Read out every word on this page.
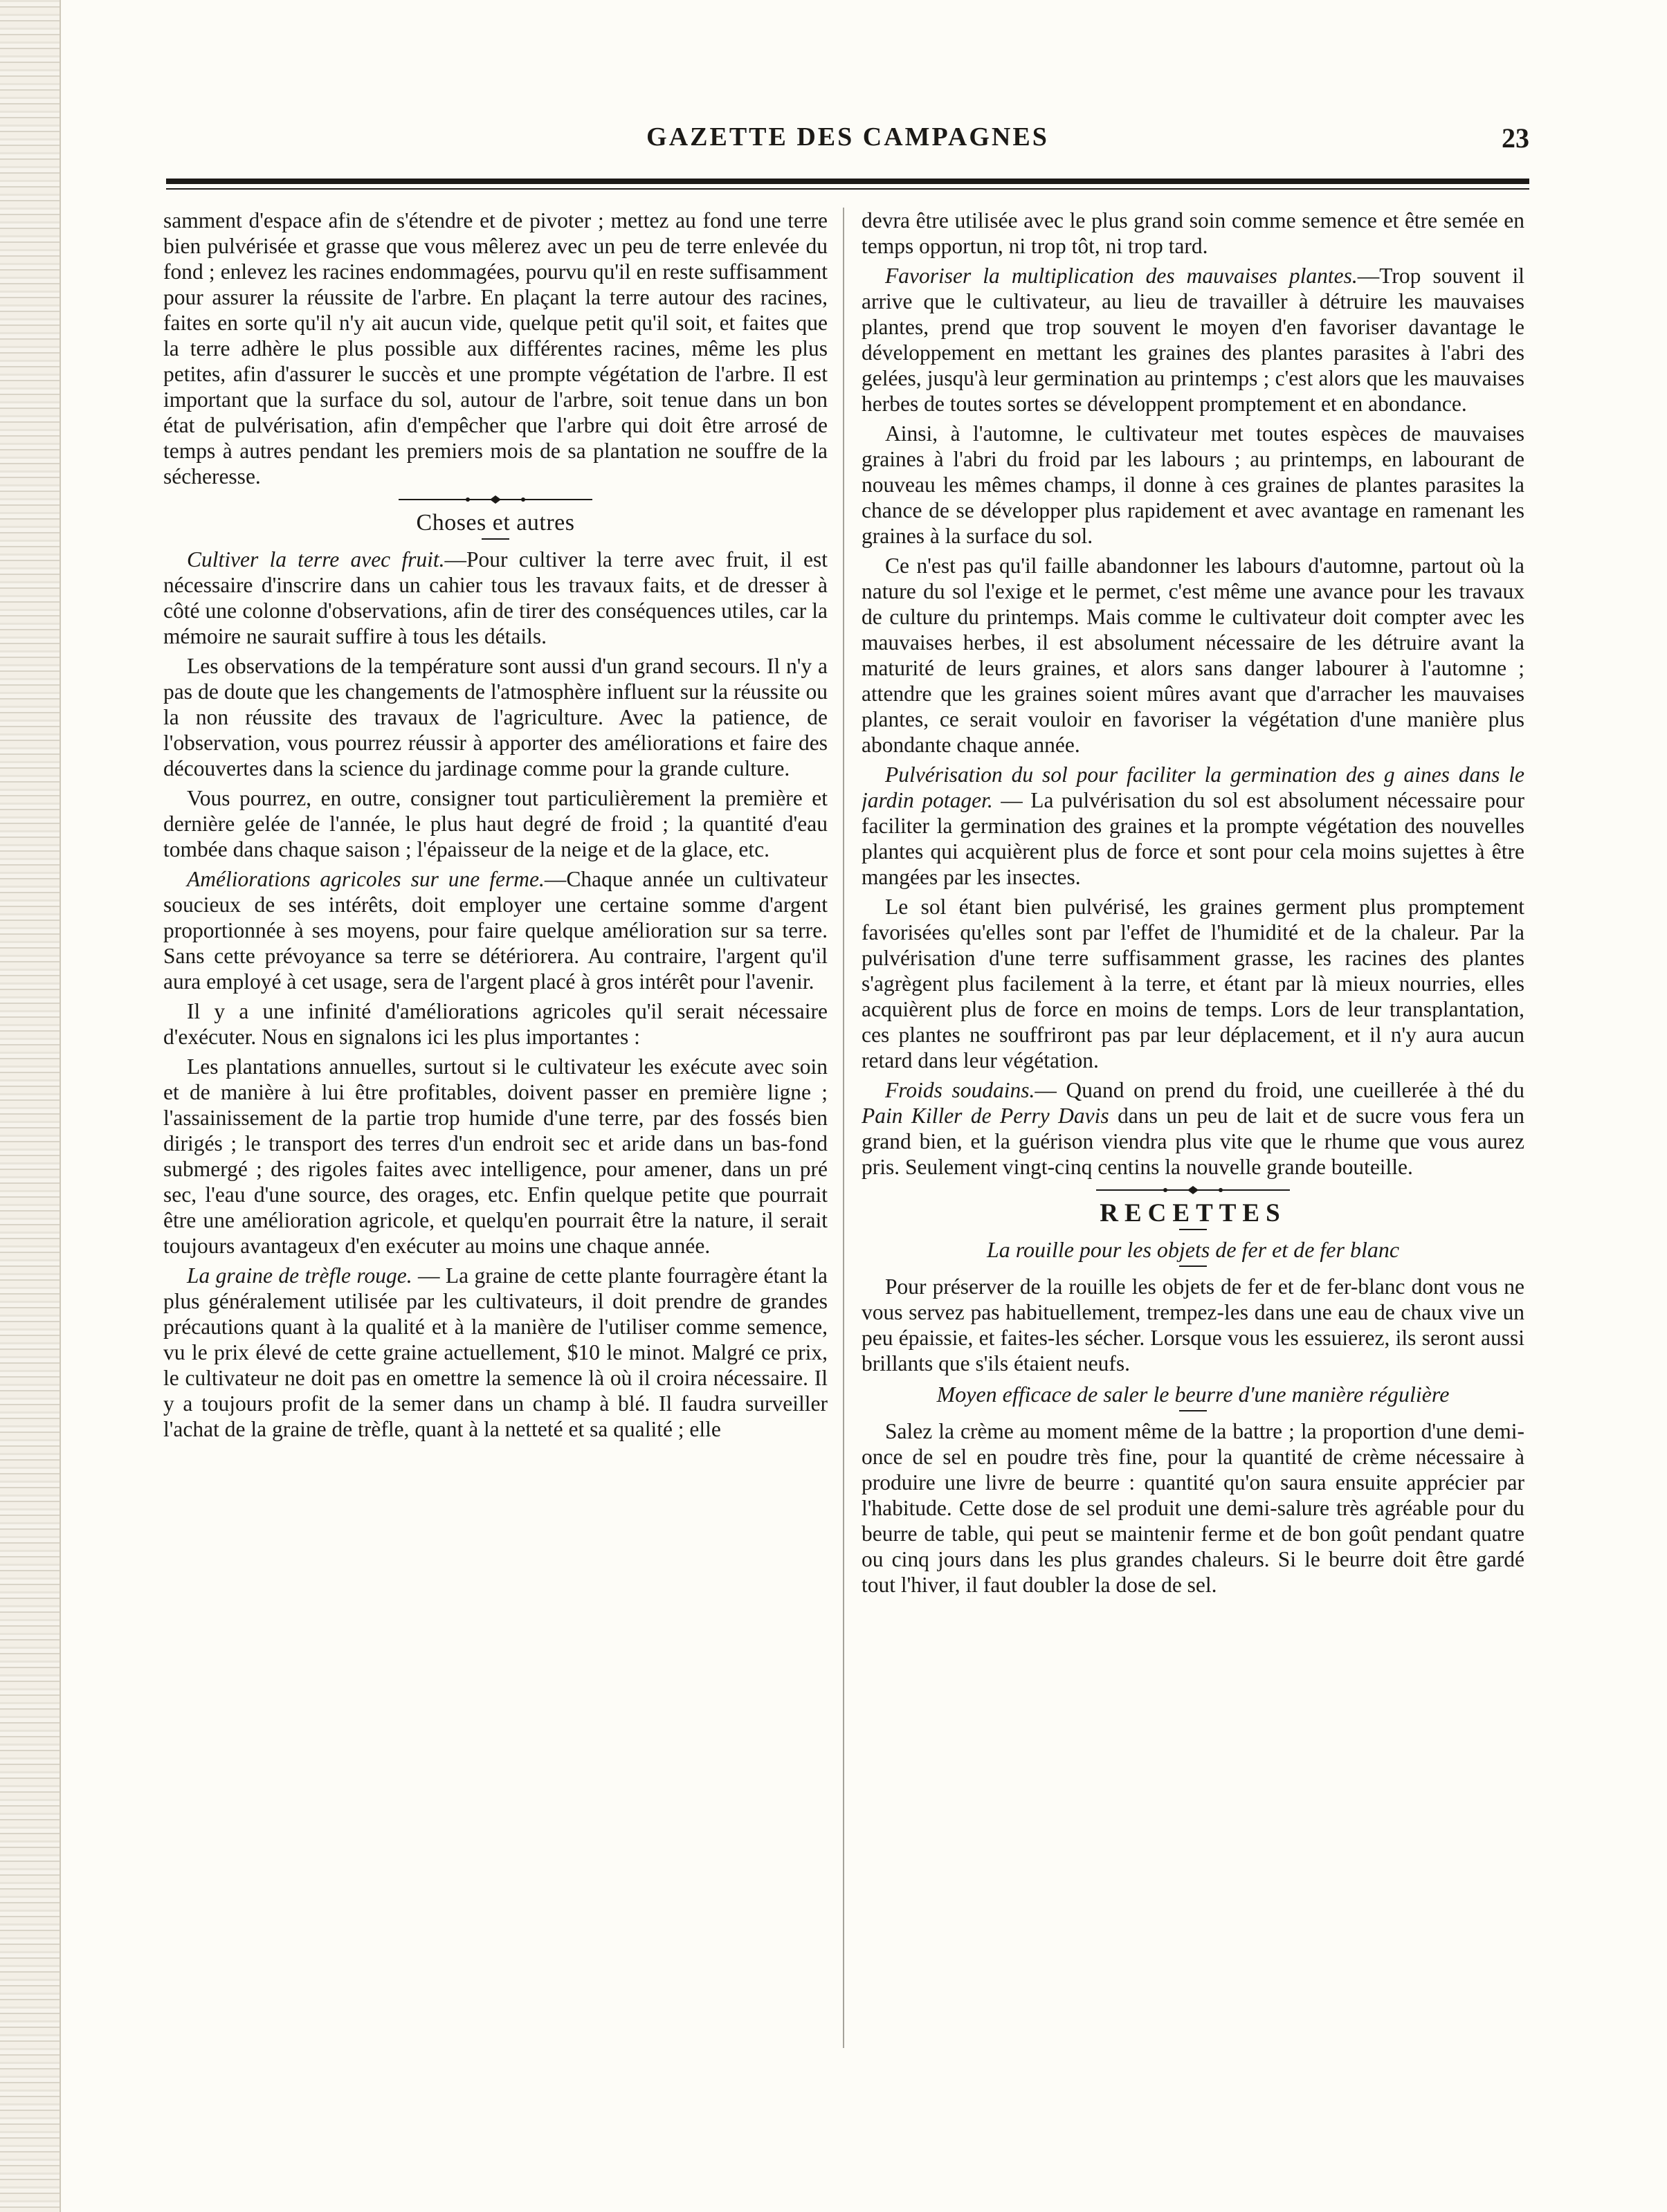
GAZETTE DES CAMPAGNES	23

samment d'espace afin de s'étendre et de pivoter ; mettez au fond une terre bien pulvérisée et grasse que vous mêlerez avec un peu de terre enlevée du fond ; enlevez les racines endommagées, pourvu qu'il en reste suffisamment pour assurer la réussite de l'arbre. En plaçant la terre autour des racines, faites en sorte qu'il n'y ait aucun vide, quelque petit qu'il soit, et faites que la terre adhère le plus possible aux différentes racines, même les plus petites, afin d'assurer le succès et une prompte végétation de l'arbre. Il est important que la surface du sol, autour de l'arbre, soit tenue dans un bon état de pulvérisation, afin d'empêcher que l'arbre qui doit être arrosé de temps à autres pendant les premiers mois de sa plantation ne souffre de la sécheresse.

Choses et autres

Cultiver la terre avec fruit.—Pour cultiver la terre avec fruit, il est nécessaire d'inscrire dans un cahier tous les travaux faits, et de dresser à côté une colonne d'observations, afin de tirer des conséquences utiles, car la mémoire ne saurait suffire à tous les détails.

Les observations de la température sont aussi d'un grand secours. Il n'y a pas de doute que les changements de l'atmosphère influent sur la réussite ou la non réussite des travaux de l'agriculture. Avec la patience, de l'observation, vous pourrez réussir à apporter des améliorations et faire des découvertes dans la science du jardinage comme pour la grande culture.

Vous pourrez, en outre, consigner tout particulièrement la première et dernière gelée de l'année, le plus haut degré de froid ; la quantité d'eau tombée dans chaque saison ; l'épaisseur de la neige et de la glace, etc.

Améliorations agricoles sur une ferme.—Chaque année un cultivateur soucieux de ses intérêts, doit employer une certaine somme d'argent proportionnée à ses moyens, pour faire quelque amélioration sur sa terre. Sans cette prévoyance sa terre se détériorera. Au contraire, l'argent qu'il aura employé à cet usage, sera de l'argent placé à gros intérêt pour l'avenir.

Il y a une infinité d'améliorations agricoles qu'il serait nécessaire d'exécuter. Nous en signalons ici les plus importantes :

Les plantations annuelles, surtout si le cultivateur les exécute avec soin et de manière à lui être profitables, doivent passer en première ligne ; l'assainissement de la partie trop humide d'une terre, par des fossés bien dirigés ; le transport des terres d'un endroit sec et aride dans un bas-fond submergé ; des rigoles faites avec intelligence, pour amener, dans un pré sec, l'eau d'une source, des orages, etc. Enfin quelque petite que pourrait être une amélioration agricole, et quelqu'en pourrait être la nature, il serait toujours avantageux d'en exécuter au moins une chaque année.

La graine de trèfle rouge. — La graine de cette plante fourragère étant la plus généralement utilisée par les cultivateurs, il doit prendre de grandes précautions quant à la qualité et à la manière de l'utiliser comme semence, vu le prix élevé de cette graine actuellement, $10 le minot. Malgré ce prix, le cultivateur ne doit pas en omettre la semence là où il croira nécessaire. Il y a toujours profit de la semer dans un champ à blé. Il faudra surveiller l'achat de la graine de trèfle, quant à la netteté et sa qualité ; elle

devra être utilisée avec le plus grand soin comme semence et être semée en temps opportun, ni trop tôt, ni trop tard.

Favoriser la multiplication des mauvaises plantes.—Trop souvent il arrive que le cultivateur, au lieu de travailler à détruire les mauvaises plantes, prend que trop souvent le moyen d'en favoriser davantage le développement en mettant les graines des plantes parasites à l'abri des gelées, jusqu'à leur germination au printemps ; c'est alors que les mauvaises herbes de toutes sortes se développent promptement et en abondance.

Ainsi, à l'automne, le cultivateur met toutes espèces de mauvaises graines à l'abri du froid par les labours ; au printemps, en labourant de nouveau les mêmes champs, il donne à ces graines de plantes parasites la chance de se développer plus rapidement et avec avantage en ramenant les graines à la surface du sol.

Ce n'est pas qu'il faille abandonner les labours d'automne, partout où la nature du sol l'exige et le permet, c'est même une avance pour les travaux de culture du printemps. Mais comme le cultivateur doit compter avec les mauvaises herbes, il est absolument nécessaire de les détruire avant la maturité de leurs graines, et alors sans danger labourer à l'automne ; attendre que les graines soient mûres avant que d'arracher les mauvaises plantes, ce serait vouloir en favoriser la végétation d'une manière plus abondante chaque année.

Pulvérisation du sol pour faciliter la germination des g aines dans le jardin potager. — La pulvérisation du sol est absolument nécessaire pour faciliter la germination des graines et la prompte végétation des nouvelles plantes qui acquièrent plus de force et sont pour cela moins sujettes à être mangées par les insectes.

Le sol étant bien pulvérisé, les graines germent plus promptement favorisées qu'elles sont par l'effet de l'humidité et de la chaleur. Par la pulvérisation d'une terre suffisamment grasse, les racines des plantes s'agrègent plus facilement à la terre, et étant par là mieux nourries, elles acquièrent plus de force en moins de temps. Lors de leur transplantation, ces plantes ne souffriront pas par leur déplacement, et il n'y aura aucun retard dans leur végétation.

Froids soudains.— Quand on prend du froid, une cueillerée à thé du Pain Killer de Perry Davis dans un peu de lait et de sucre vous fera un grand bien, et la guérison viendra plus vite que le rhume que vous aurez pris. Seulement vingt-cinq centins la nouvelle grande bouteille.

RECETTES
La rouille pour les objets de fer et de fer blanc

Pour préserver de la rouille les objets de fer et de fer-blanc dont vous ne vous servez pas habituellement, trempez-les dans une eau de chaux vive un peu épaissie, et faites-les sécher. Lorsque vous les essuierez, ils seront aussi brillants que s'ils étaient neufs.

Moyen efficace de saler le beurre d'une manière régulière

Salez la crème au moment même de la battre ; la proportion d'une demi-once de sel en poudre très fine, pour la quantité de crème nécessaire à produire une livre de beurre : quantité qu'on saura ensuite apprécier par l'habitude. Cette dose de sel produit une demi-salure très agréable pour du beurre de table, qui peut se maintenir ferme et de bon goût pendant quatre ou cinq jours dans les plus grandes chaleurs. Si le beurre doit être gardé tout l'hiver, il faut doubler la dose de sel.
